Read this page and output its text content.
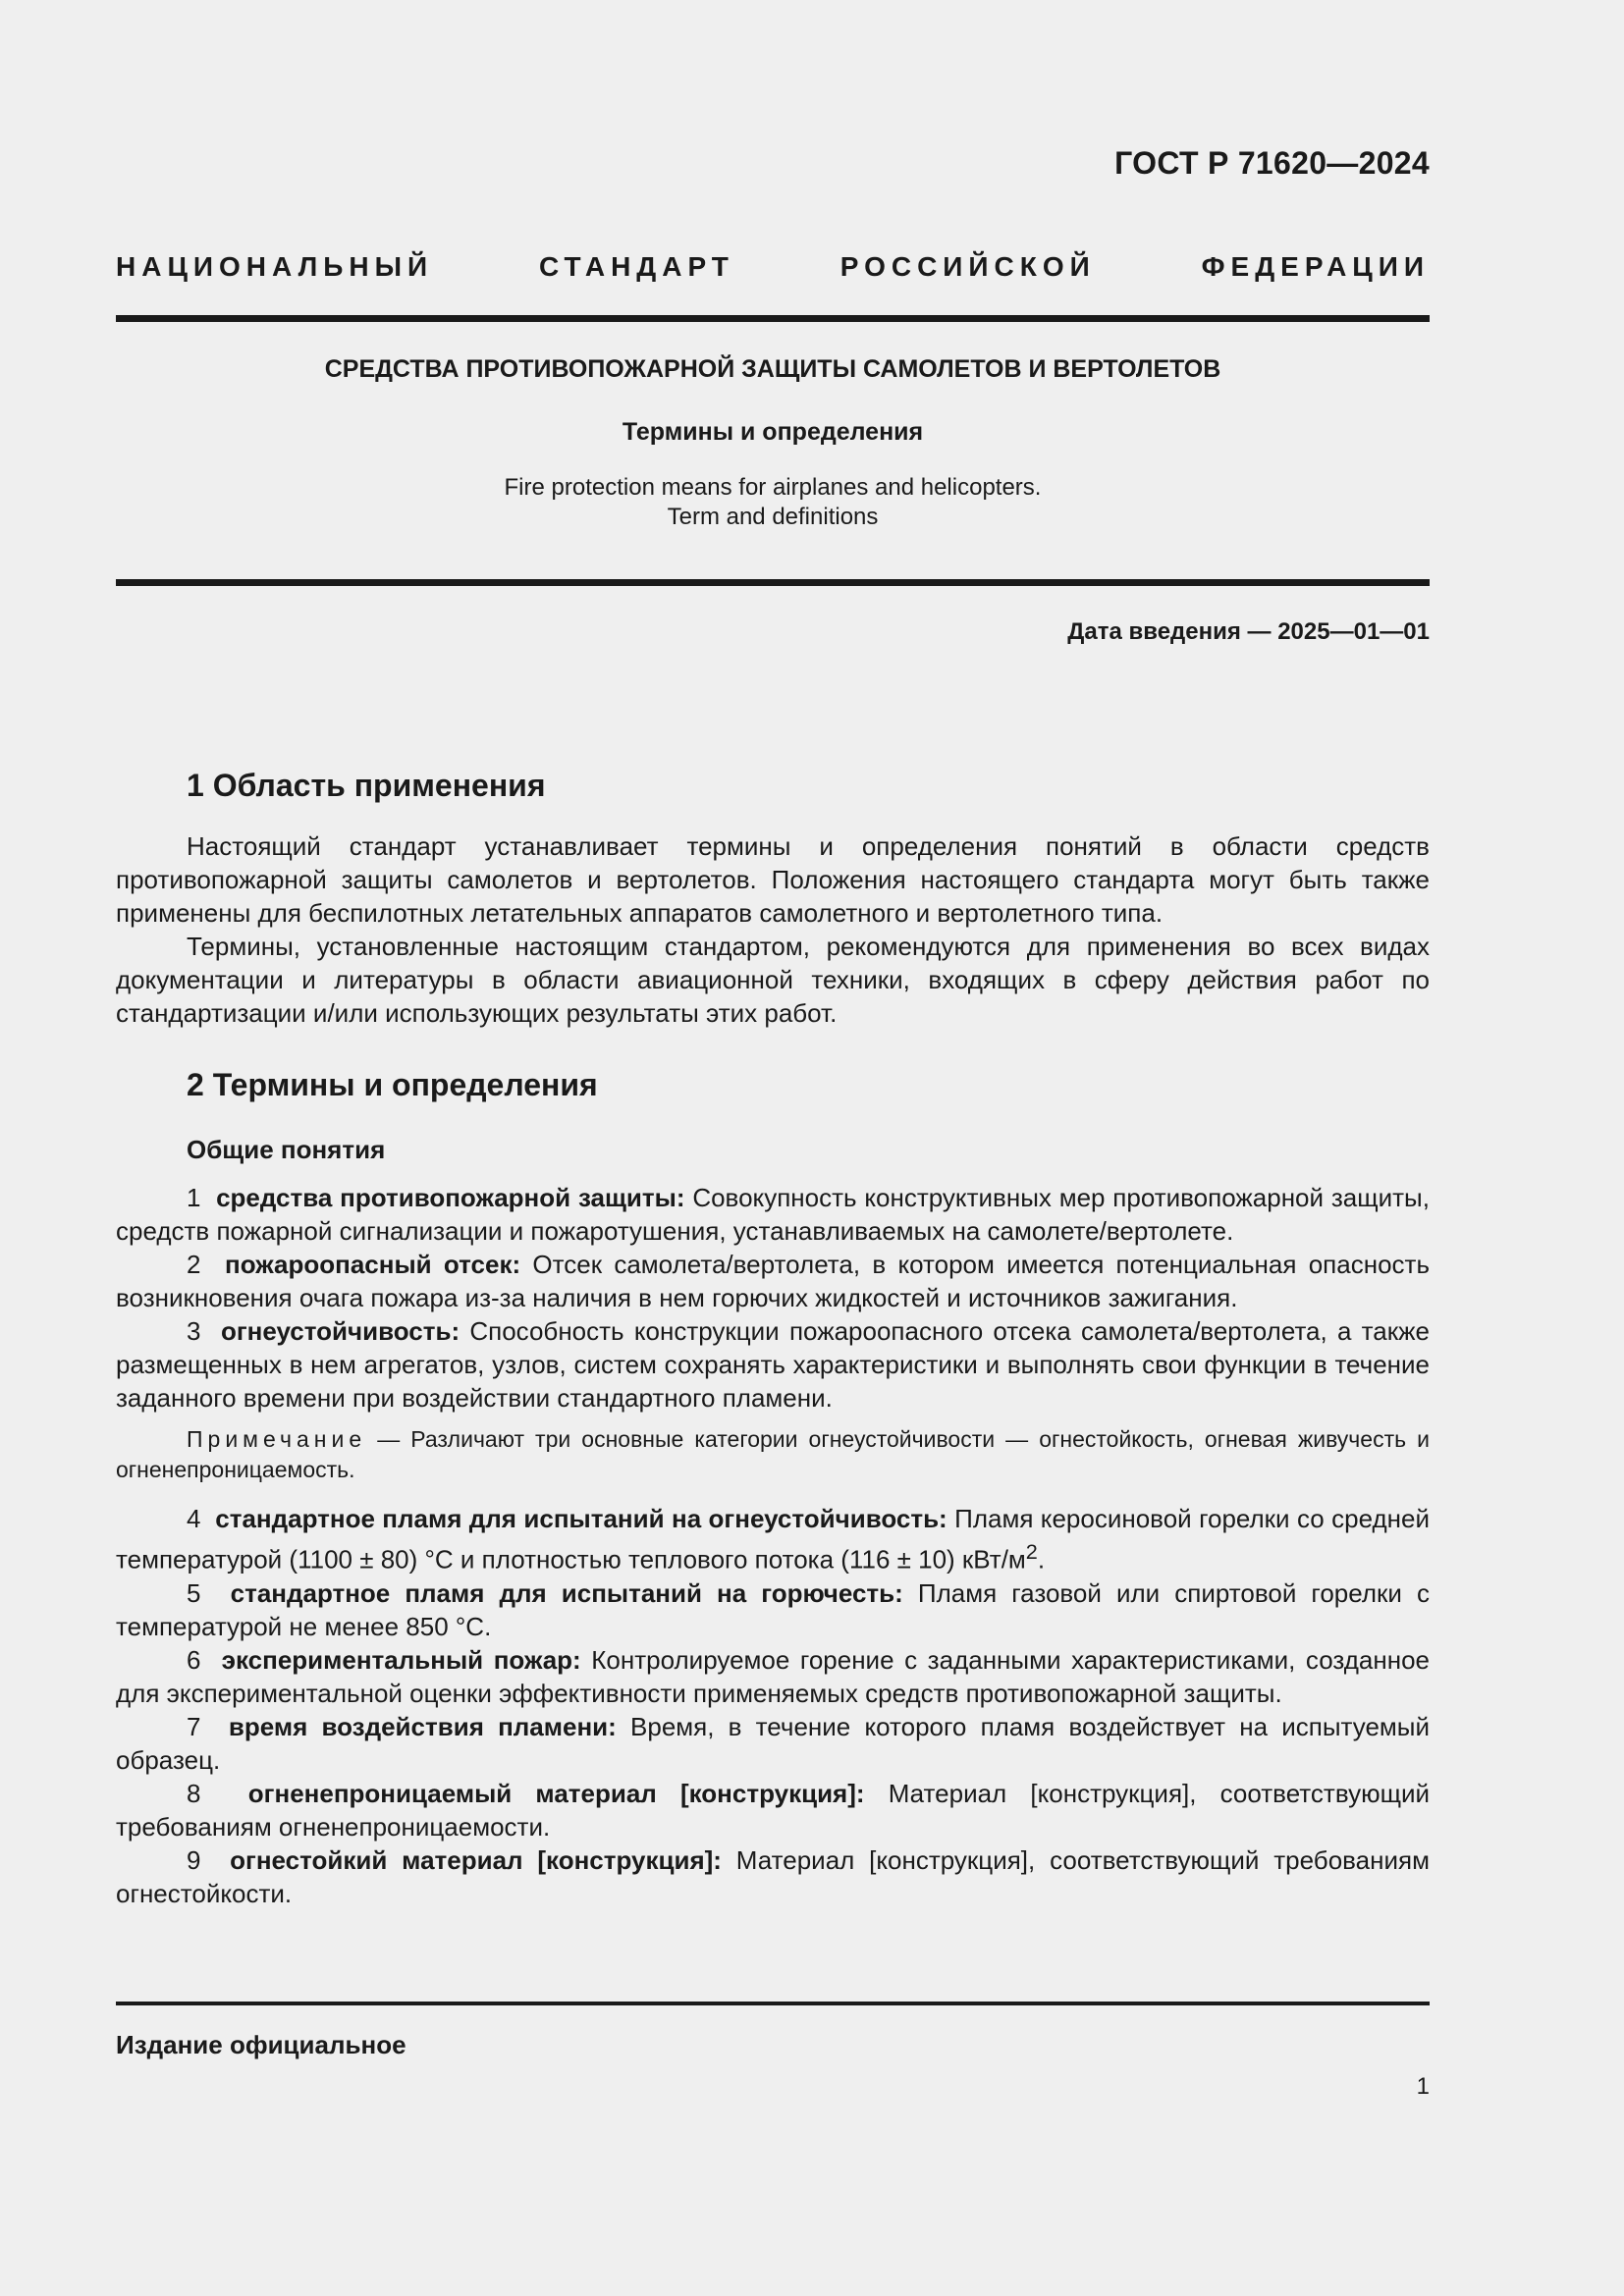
ГОСТ Р 71620—2024
НАЦИОНАЛЬНЫЙ СТАНДАРТ РОССИЙСКОЙ ФЕДЕРАЦИИ

СРЕДСТВА ПРОТИВОПОЖАРНОЙ ЗАЩИТЫ САМОЛЕТОВ И ВЕРТОЛЕТОВ

Термины и определения

Fire protection means for airplanes and helicopters.
Term and definitions

Дата введения — 2025—01—01
1 Область применения

Настоящий стандарт устанавливает термины и определения понятий в области средств противопожарной защиты самолетов и вертолетов. Положения настоящего стандарта могут быть также применены для беспилотных летательных аппаратов самолетного и вертолетного типа.

Термины, установленные настоящим стандартом, рекомендуются для применения во всех видах документации и литературы в области авиационной техники, входящих в сферу действия работ по стандартизации и/или использующих результаты этих работ.

2 Термины и определения
Общие понятия

1 средства противопожарной защиты: Совокупность конструктивных мер противопожарной защиты, средств пожарной сигнализации и пожаротушения, устанавливаемых на самолете/вертолете.

2 пожароопасный отсек: Отсек самолета/вертолета, в котором имеется потенциальная опасность возникновения очага пожара из-за наличия в нем горючих жидкостей и источников зажигания.

3 огнеустойчивость: Способность конструкции пожароопасного отсека самолета/вертолета, а также размещенных в нем агрегатов, узлов, систем сохранять характеристики и выполнять свои функции в течение заданного времени при воздействии стандартного пламени.

Примечание — Различают три основные категории огнеустойчивости — огнестойкость, огневая живучесть и огненепроницаемость.

4 стандартное пламя для испытаний на огнеустойчивость: Пламя керосиновой горелки со средней температурой (1100 ± 80) °С и плотностью теплового потока (116 ± 10) кВт/$м^2$.

5 стандартное пламя для испытаний на горючесть: Пламя газовой или спиртовой горелки с температурой не менее 850 °С.

6 экспериментальный пожар: Контролируемое горение с заданными характеристиками, созданное для экспериментальной оценки эффективности применяемых средств противопожарной защиты.

7 время воздействия пламени: Время, в течение которого пламя воздействует на испытуемый образец.

8 огненепроницаемый материал [конструкция]: Материал [конструкция], соответствующий требованиям огненепроницаемости.

9 огнестойкий материал [конструкция]: Материал [конструкция], соответствующий требованиям огнестойкости.

Издание официальное
1
